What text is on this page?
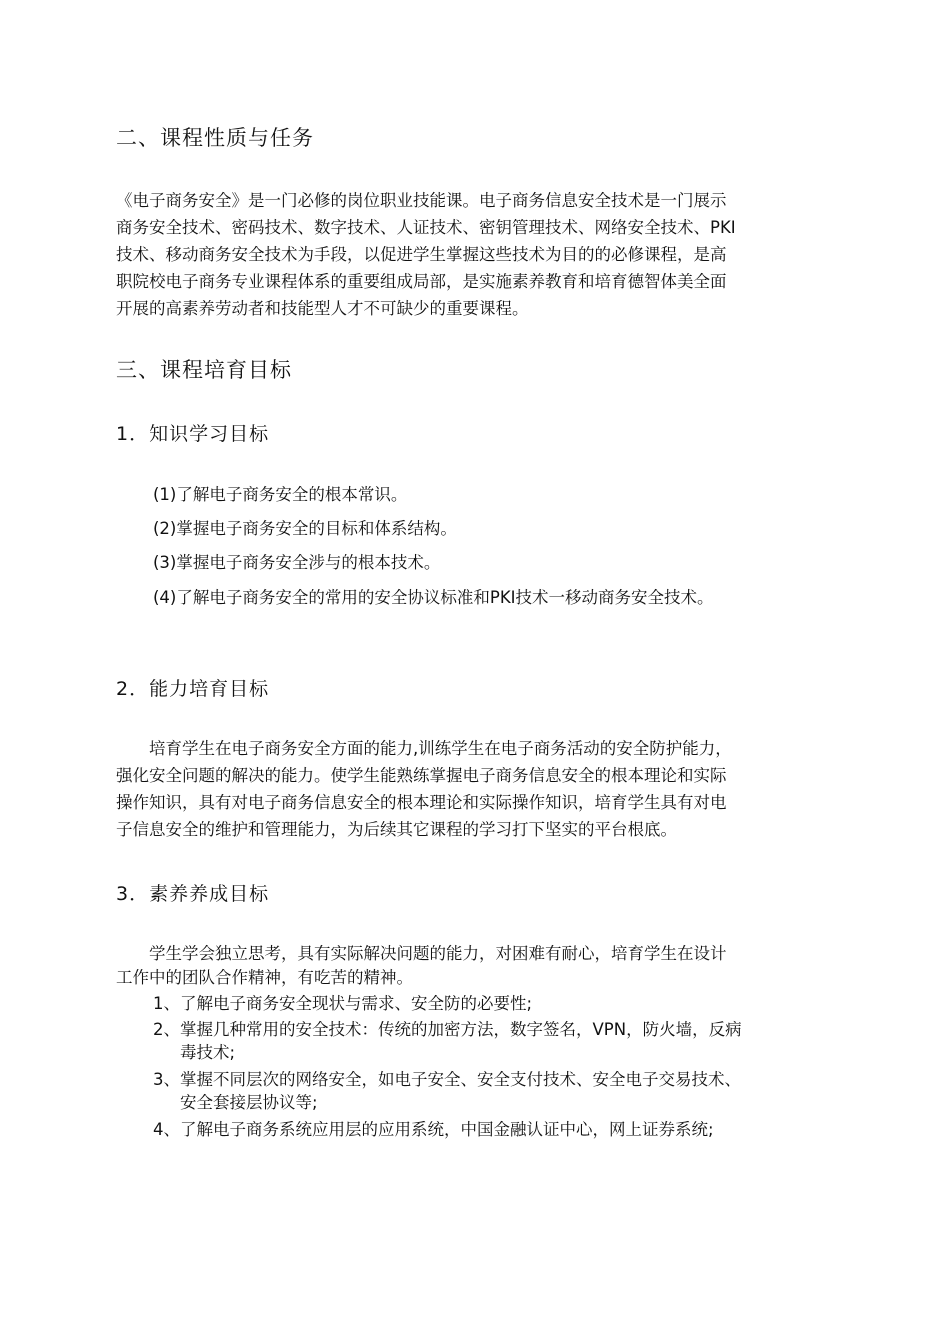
二、课程性质与任务
《电子商务安全》是一门必修的岗位职业技能课。电子商务信息安全技术是一门展示
商务安全技术、密码技术、数字技术、人证技术、密钥管理技术、网络安全技术、PKI
技术、移动商务安全技术为手段，以促进学生掌握这些技术为目的的必修课程，是高
职院校电子商务专业课程体系的重要组成局部，是实施素养教育和培育德智体美全面
开展的高素养劳动者和技能型人才不可缺少的重要课程。
三、课程培育目标
1．知识学习目标
(1)了解电子商务安全的根本常识。
(2)掌握电子商务安全的目标和体系结构。
(3)掌握电子商务安全涉与的根本技术。
(4)了解电子商务安全的常用的安全协议标准和PKI技术一移动商务安全技术。
2．能力培育目标
　　培育学生在电子商务安全方面的能力,训练学生在电子商务活动的安全防护能力，
强化安全问题的解决的能力。使学生能熟练掌握电子商务信息安全的根本理论和实际
操作知识，具有对电子商务信息安全的根本理论和实际操作知识，培育学生具有对电
子信息安全的维护和管理能力，为后续其它课程的学习打下坚实的平台根底。
3．素养养成目标
　　学生学会独立思考，具有实际解决问题的能力，对困难有耐心，培育学生在设计
工作中的团队合作精神，有吃苦的精神。
1、了解电子商务安全现状与需求、安全防的必要性;
2、掌握几种常用的安全技术：传统的加密方法，数字签名，VPN，防火墙，反病
毒技术;
3、掌握不同层次的网络安全，如电子安全、安全支付技术、安全电子交易技术、
安全套接层协议等;
4、了解电子商务系统应用层的应用系统，中国金融认证中心，网上证券系统;
